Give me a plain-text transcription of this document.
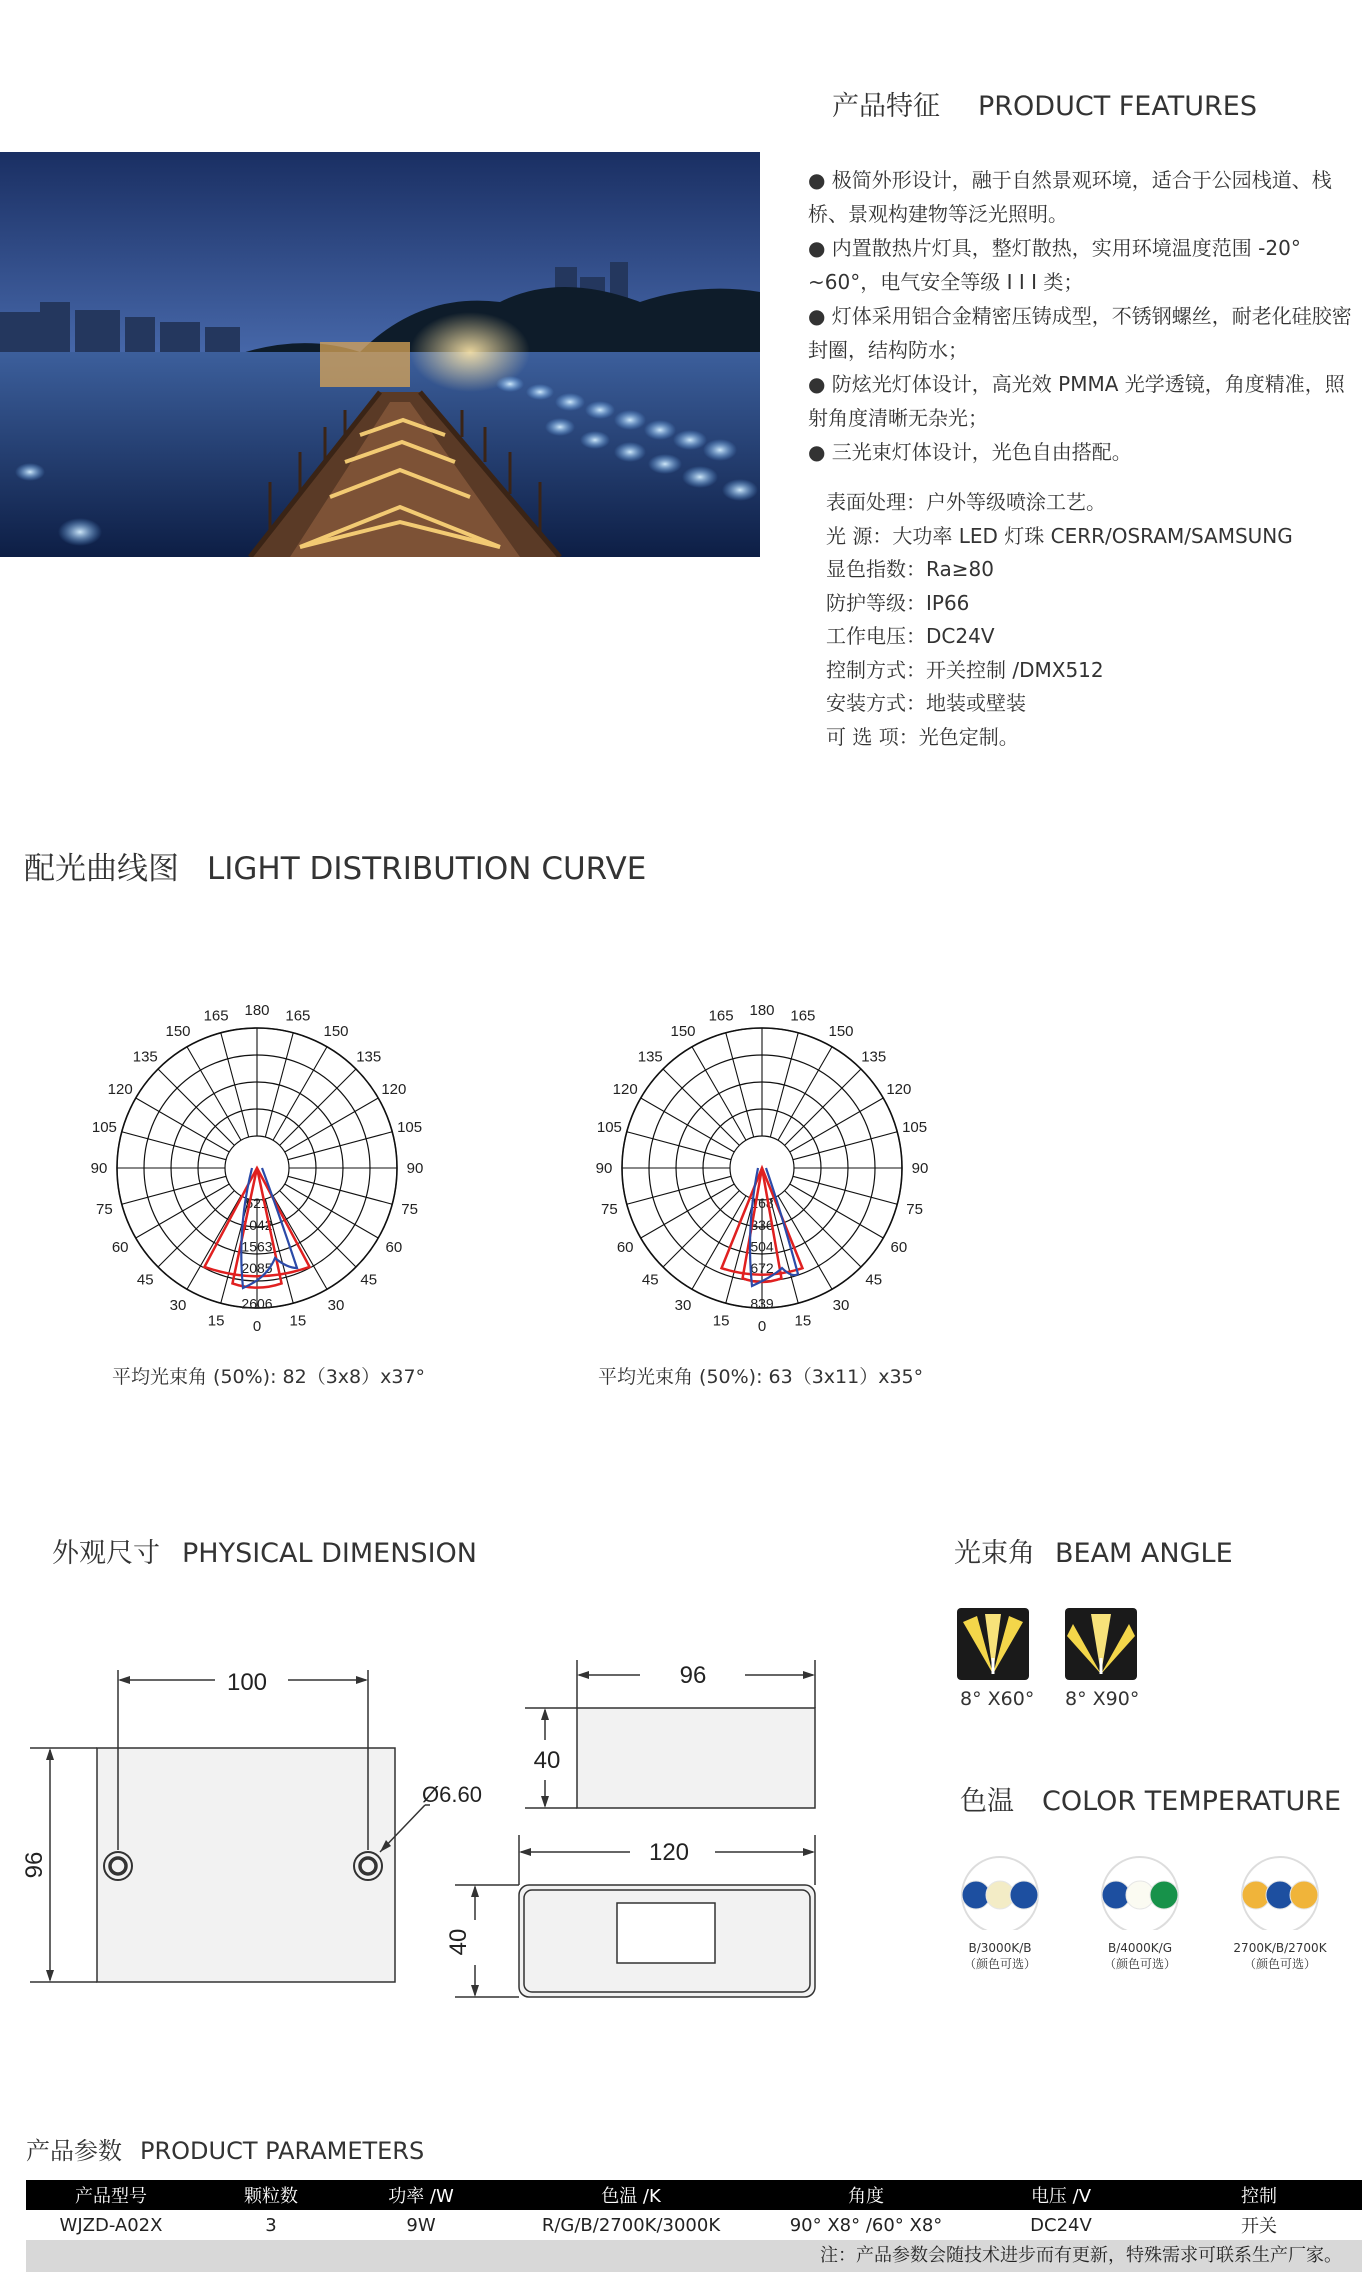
产品特征 PRODUCT FEATURES

● 极简外形设计，融于自然景观环境，适合于公园栈道、栈桥、景观构建物等泛光照明。

● 内置散热片灯具，整灯散热，实用环境温度范围 -20° ~60°，电气安全等级 I I I 类；

● 灯体采用铝合金精密压铸成型，不锈钢螺丝，耐老化硅胶密封圈，结构防水；

● 防炫光灯体设计，高光效 PMMA 光学透镜，角度精准，照射角度清晰无杂光；

● 三光束灯体设计，光色自由搭配。

表面处理：户外等级喷涂工艺。
光 源：大功率 LED 灯珠 CERR/OSRAM/SAMSUNG
显色指数：Ra≥80
防护等级：IP66
工作电压：DC24V
控制方式：开关控制 /DMX512
安装方式：地装或壁装
可 选 项：光色定制。
配光曲线图 LIGHT DISTRIBUTION CURVE
0 15
15
30
30
45
45
60
60
75
75
90
90
105
105
120
120
135
135
150
150
165
165 180
521
1042
1563
2085
2606
0 15
15
30
30
45
45
60
60
75
75
90
90
105
105
120
120
135
135
150
150
165
165 180
168
336
504
672
839
平均光束角 (50%): 82（3x8）x37°	平均光束角 (50%): 63（3x11）x35°
外观尺寸 PHYSICAL DIMENSION
100
96
Ø6.60
96
40
120
40
光束角 BEAM ANGLE
8° X60° 8° X90°
色温 COLOR TEMPERATURE
B/3000K/B
（颜色可选）
B/4000K/G
（颜色可选）
2700K/B/2700K
（颜色可选）
产品参数 PRODUCT PARAMETERS
产品型号	颗粒数	功率 /W	色温 /K	角度	电压 /V	控制
WJZD-A02X	3	9W	R/G/B/2700K/3000K	90° X8° /60° X8°	DC24V	开关
注：产品参数会随技术进步而有更新，特殊需求可联系生产厂家。
